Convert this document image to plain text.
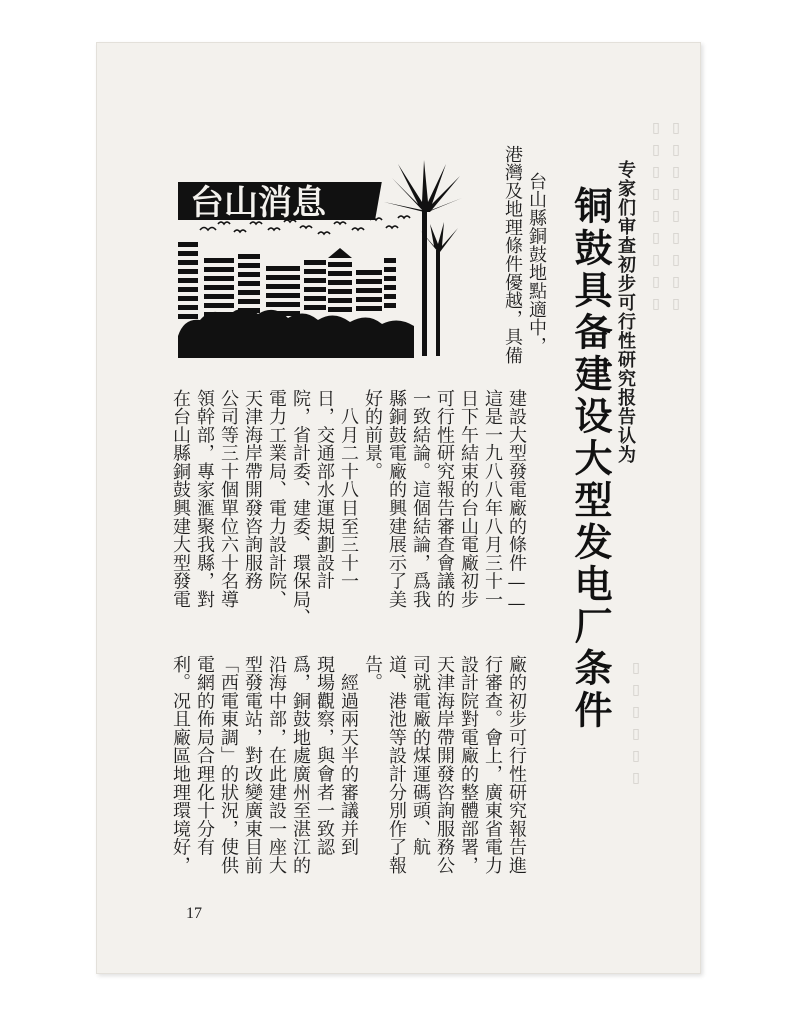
▯▯▯▯▯▯▯▯▯
▯▯▯▯▯▯▯▯▯
▯▯▯▯▯▯
台山消息	专家们审查初步可行性研究报告认为
铜鼓具备建设大型发电厂条件
台山縣銅鼓地點適中，
港灣及地理條件優越，具備
建設大型發電廠的條件——
這是一九八八年八月三十一
日下午結束的台山電廠初步
可行性研究報告審查會議的
一致結論。這個結論，爲我
縣銅鼓電廠的興建展示了美
好的前景。
　八月二十八日至三十一
日，交通部水運規劃設計
院，省計委、建委、環保局、
電力工業局、電力設計院、
天津海岸帶開發咨詢服務
公司等三十個單位六十名導
領幹部，專家滙聚我縣，對
在台山縣銅鼓興建大型發電
廠的初步可行性研究報告進
行審查。會上，廣東省電力
設計院對電廠的整體部署，
天津海岸帶開發咨詢服務公
司就電廠的煤運碼頭、航
道、港池等設計分別作了報
告。
　經過兩天半的審議并到
現場觀察，與會者一致認
爲，銅鼓地處廣州至湛江的
沿海中部，在此建設一座大
型發電站，對改變廣東目前
「西電東調」的狀況，使供
電網的佈局合理化十分有
利。况且廠區地理環境好，
17
